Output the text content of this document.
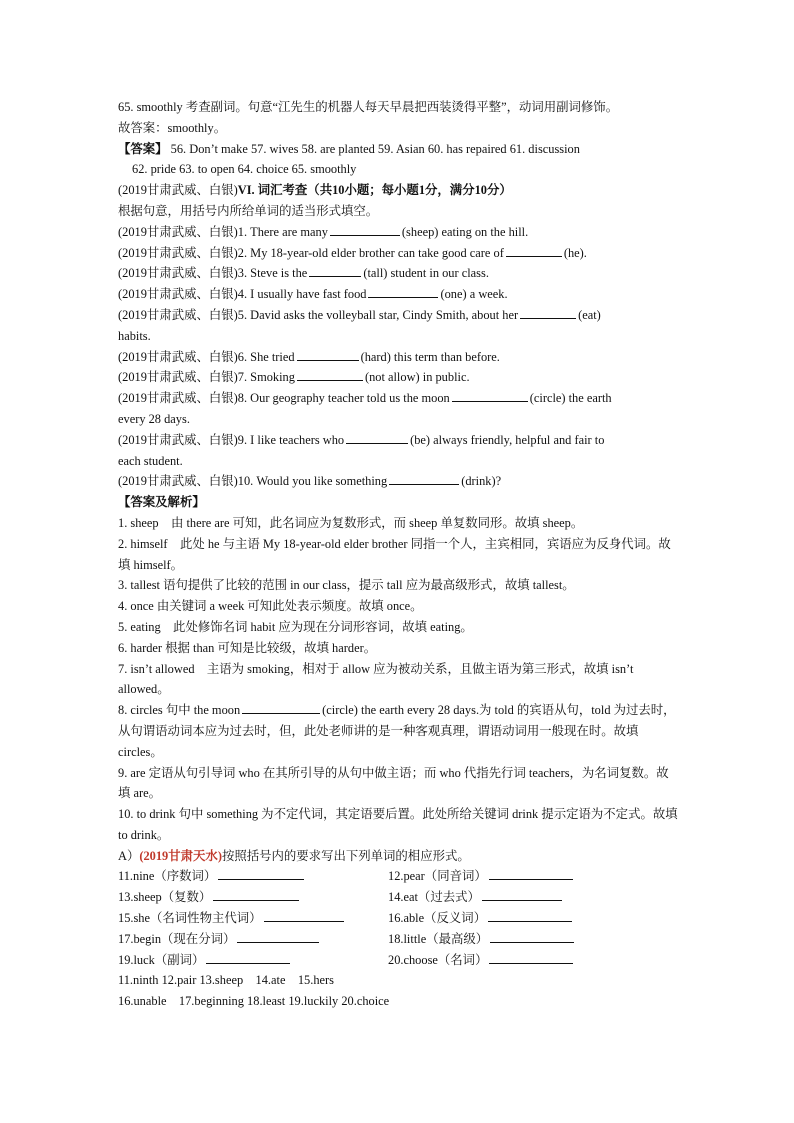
65. smoothly 考查副词。句意“江先生的机器人每天早晨把西装烫得平整”，动词用副词修饰。
故答案：smoothly。
【答案】 56. Don’t make 57. wives 58. are planted 59. Asian 60. has repaired 61. discussion
62. pride 63. to open 64. choice 65. smoothly
(2019甘肃武威、白银)VI. 词汇考查（共10小题；每小题1分，满分10分）
根据句意，用括号内所给单词的适当形式填空。
(2019甘肃武威、白银)1. There are many	(sheep) eating on the hill.
(2019甘肃武威、白银)2. My 18-year-old elder brother can take good care of	(he).
(2019甘肃武威、白银)3. Steve is the	(tall) student in our class.
(2019甘肃武威、白银)4. I usually have fast food	(one) a week.
(2019甘肃武威、白银)5. David asks the volleyball star, Cindy Smith, about her	(eat)
habits.
(2019甘肃武威、白银)6. She tried	(hard) this term than before.
(2019甘肃武威、白银)7. Smoking	(not allow) in public.
(2019甘肃武威、白银)8. Our geography teacher told us the moon	(circle) the earth
every 28 days.
(2019甘肃武威、白银)9. I like teachers who	(be) always friendly, helpful and fair to
each student.
(2019甘肃武威、白银)10. Would you like something	(drink)?
【答案及解析】
1. sheep　由 there are 可知，此名词应为复数形式，而 sheep 单复数同形。故填 sheep。
2. himself　此处 he 与主语 My 18-year-old elder brother 同指一个人，主宾相同，宾语应为反身代词。故填 himself。
3. tallest 语句提供了比较的范围 in our class，提示 tall 应为最高级形式，故填 tallest。
4. once 由关键词 a week 可知此处表示频度。故填 once。
5. eating　此处修饰名词 habit 应为现在分词形容词，故填 eating。
6. harder 根据 than 可知是比较级，故填 harder。
7. isn’t allowed　主语为 smoking，相对于 allow 应为被动关系，且做主语为第三形式，故填 isn’t allowed。
8. circles 句中 the moon	(circle) the earth every 28 days.为 told 的宾语从句，told 为过去时，从句谓语动词本应为过去时，但，此处老师讲的是一种客观真理，谓语动词用一般现在时。故填 circles。
9. are 定语从句引导词 who 在其所引导的从句中做主语；而 who 代指先行词 teachers，为名词复数。故填 are。
10. to drink 句中 something 为不定代词，其定语要后置。此处所给关键词 drink 提示定语为不定式。故填 to drink。
A）(2019甘肃天水)按照括号内的要求写出下列单词的相应形式。
11.nine（序数词）	12.pear（同音词）
13.sheep（复数）	14.eat（过去式）
15.she（名词性物主代词）	16.able（反义词）
17.begin（现在分词）	18.little（最高级）
19.luck（副词）	20.choose（名词）
11.ninth 12.pair 13.sheep　14.ate　15.hers
16.unable　17.beginning 18.least 19.luckily 20.choice
